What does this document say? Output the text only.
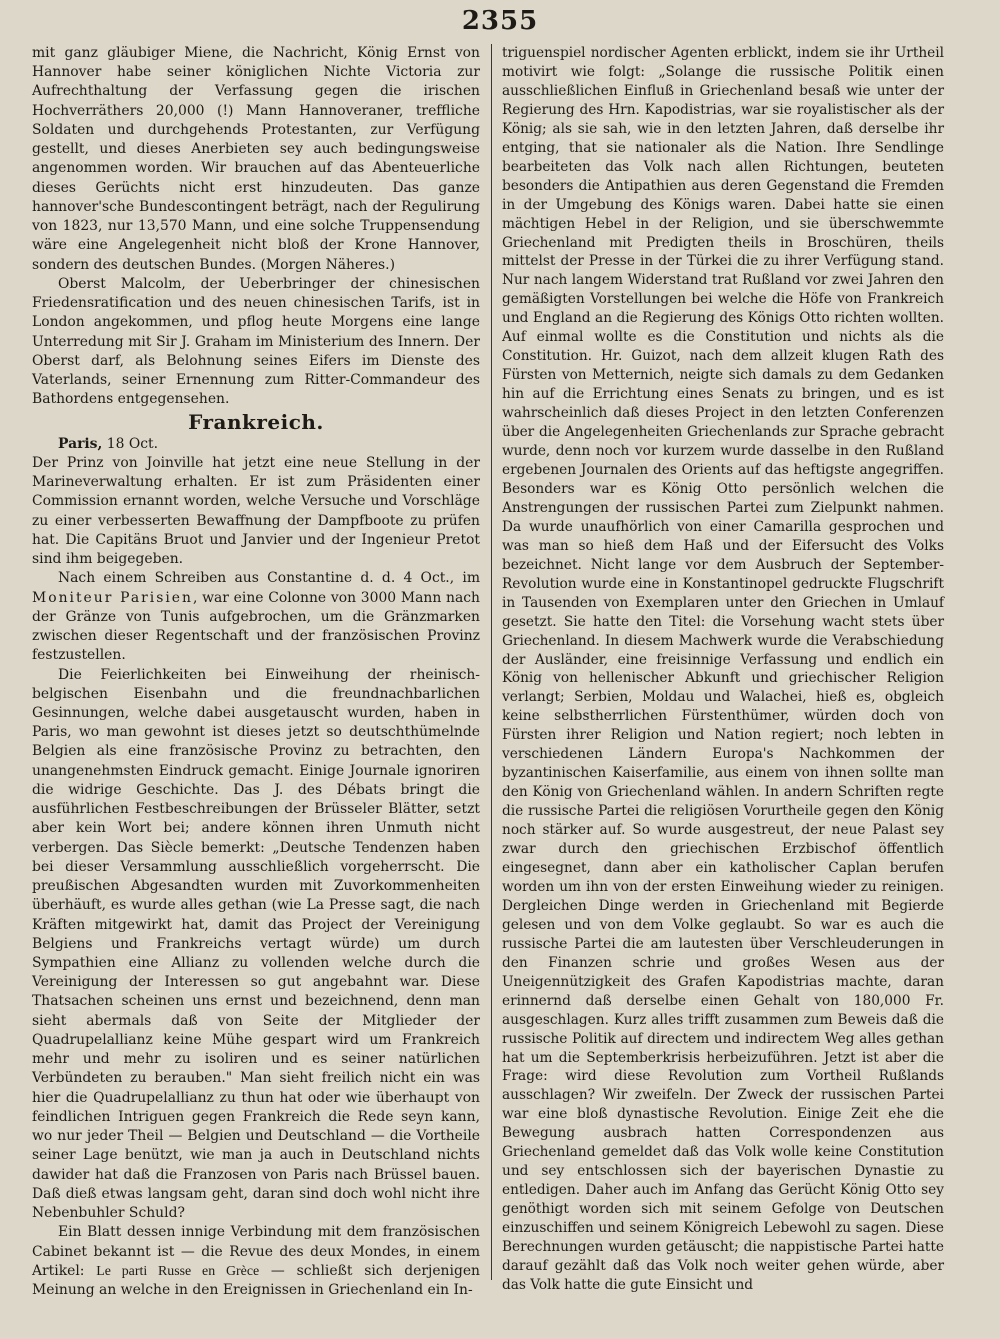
2355

mit ganz gläubiger Miene, die Nachricht, König Ernst von Hannover habe seiner königlichen Nichte Victoria zur Aufrechthaltung der Verfassung gegen die irischen Hochverräthers 20,000 (!) Mann Hannoveraner, treffliche Soldaten und durchgehends Protestanten, zur Verfügung gestellt, und dieses Anerbieten sey auch bedingungsweise angenommen worden. Wir brauchen auf das Abenteuerliche dieses Gerüchts nicht erst hinzudeuten. Das ganze hannover'sche Bundescontingent beträgt, nach der Regulirung von 1823, nur 13,570 Mann, und eine solche Truppensendung wäre eine Angelegenheit nicht bloß der Krone Hannover, sondern des deutschen Bundes. (Morgen Näheres.)

Oberst Malcolm, der Ueberbringer der chinesischen Friedensratification und des neuen chinesischen Tarifs, ist in London angekommen, und pflog heute Morgens eine lange Unterredung mit Sir J. Graham im Ministerium des Innern. Der Oberst darf, als Belohnung seines Eifers im Dienste des Vaterlands, seiner Ernennung zum Ritter-Commandeur des Bathordens entgegensehen.

Frankreich.

Paris, 18 Oct.
Der Prinz von Joinville hat jetzt eine neue Stellung in der Marineverwaltung erhalten. Er ist zum Präsidenten einer Commission ernannt worden, welche Versuche und Vorschläge zu einer verbesserten Bewaffnung der Dampfboote zu prüfen hat. Die Capitäns Bruot und Janvier und der Ingenieur Pretot sind ihm beigegeben.

Nach einem Schreiben aus Constantine d. d. 4 Oct., im Moniteur Parisien, war eine Colonne von 3000 Mann nach der Gränze von Tunis aufgebrochen, um die Gränzmarken zwischen dieser Regentschaft und der französischen Provinz festzustellen.

Die Feierlichkeiten bei Einweihung der rheinisch-belgischen Eisenbahn und die freundnachbarlichen Gesinnungen, welche dabei ausgetauscht wurden, haben in Paris, wo man gewohnt ist dieses jetzt so deutschthümelnde Belgien als eine französische Provinz zu betrachten, den unangenehmsten Eindruck gemacht. Einige Journale ignoriren die widrige Geschichte. Das J. des Débats bringt die ausführlichen Festbeschreibungen der Brüsseler Blätter, setzt aber kein Wort bei; andere können ihren Unmuth nicht verbergen. Das Siècle bemerkt: „Deutsche Tendenzen haben bei dieser Versammlung ausschließlich vorgeherrscht. Die preußischen Abgesandten wurden mit Zuvorkommenheiten überhäuft, es wurde alles gethan (wie La Presse sagt, die nach Kräften mitgewirkt hat, damit das Project der Vereinigung Belgiens und Frankreichs vertagt würde) um durch Sympathien eine Allianz zu vollenden welche durch die Vereinigung der Interessen so gut angebahnt war. Diese Thatsachen scheinen uns ernst und bezeichnend, denn man sieht abermals daß von Seite der Mitglieder der Quadrupelallianz keine Mühe gespart wird um Frankreich mehr und mehr zu isoliren und es seiner natürlichen Verbündeten zu berauben." Man sieht freilich nicht ein was hier die Quadrupelallianz zu thun hat oder wie überhaupt von feindlichen Intriguen gegen Frankreich die Rede seyn kann, wo nur jeder Theil — Belgien und Deutschland — die Vortheile seiner Lage benützt, wie man ja auch in Deutschland nichts dawider hat daß die Franzosen von Paris nach Brüssel bauen. Daß dieß etwas langsam geht, daran sind doch wohl nicht ihre Nebenbuhler Schuld?

Ein Blatt dessen innige Verbindung mit dem französischen Cabinet bekannt ist — die Revue des deux Mondes, in einem Artikel: Le parti Russe en Grèce — schließt sich derjenigen Meinung an welche in den Ereignissen in Griechenland ein In-

triguenspiel nordischer Agenten erblickt, indem sie ihr Urtheil motivirt wie folgt: „Solange die russische Politik einen ausschließlichen Einfluß in Griechenland besaß wie unter der Regierung des Hrn. Kapodistrias, war sie royalistischer als der König; als sie sah, wie in den letzten Jahren, daß derselbe ihr entging, that sie nationaler als die Nation. Ihre Sendlinge bearbeiteten das Volk nach allen Richtungen, beuteten besonders die Antipathien aus deren Gegenstand die Fremden in der Umgebung des Königs waren. Dabei hatte sie einen mächtigen Hebel in der Religion, und sie überschwemmte Griechenland mit Predigten theils in Broschüren, theils mittelst der Presse in der Türkei die zu ihrer Verfügung stand. Nur nach langem Widerstand trat Rußland vor zwei Jahren den gemäßigten Vorstellungen bei welche die Höfe von Frankreich und England an die Regierung des Königs Otto richten wollten. Auf einmal wollte es die Constitution und nichts als die Constitution. Hr. Guizot, nach dem allzeit klugen Rath des Fürsten von Metternich, neigte sich damals zu dem Gedanken hin auf die Errichtung eines Senats zu bringen, und es ist wahrscheinlich daß dieses Project in den letzten Conferenzen über die Angelegenheiten Griechenlands zur Sprache gebracht wurde, denn noch vor kurzem wurde dasselbe in den Rußland ergebenen Journalen des Orients auf das heftigste angegriffen. Besonders war es König Otto persönlich welchen die Anstrengungen der russischen Partei zum Zielpunkt nahmen. Da wurde unaufhörlich von einer Camarilla gesprochen und was man so hieß dem Haß und der Eifersucht des Volks bezeichnet. Nicht lange vor dem Ausbruch der September-Revolution wurde eine in Konstantinopel gedruckte Flugschrift in Tausenden von Exemplaren unter den Griechen in Umlauf gesetzt. Sie hatte den Titel: die Vorsehung wacht stets über Griechenland. In diesem Machwerk wurde die Verabschiedung der Ausländer, eine freisinnige Verfassung und endlich ein König von hellenischer Abkunft und griechischer Religion verlangt; Serbien, Moldau und Walachei, hieß es, obgleich keine selbstherrlichen Fürstenthümer, würden doch von Fürsten ihrer Religion und Nation regiert; noch lebten in verschiedenen Ländern Europa's Nachkommen der byzantinischen Kaiserfamilie, aus einem von ihnen sollte man den König von Griechenland wählen. In andern Schriften regte die russische Partei die religiösen Vorurtheile gegen den König noch stärker auf. So wurde ausgestreut, der neue Palast sey zwar durch den griechischen Erzbischof öffentlich eingesegnet, dann aber ein katholischer Caplan berufen worden um ihn von der ersten Einweihung wieder zu reinigen. Dergleichen Dinge werden in Griechenland mit Begierde gelesen und von dem Volke geglaubt. So war es auch die russische Partei die am lautesten über Verschleuderungen in den Finanzen schrie und großes Wesen aus der Uneigennützigkeit des Grafen Kapodistrias machte, daran erinnernd daß derselbe einen Gehalt von 180,000 Fr. ausgeschlagen. Kurz alles trifft zusammen zum Beweis daß die russische Politik auf directem und indirectem Weg alles gethan hat um die Septemberkrisis herbeizuführen. Jetzt ist aber die Frage: wird diese Revolution zum Vortheil Rußlands ausschlagen? Wir zweifeln. Der Zweck der russischen Partei war eine bloß dynastische Revolution. Einige Zeit ehe die Bewegung ausbrach hatten Correspondenzen aus Griechenland gemeldet daß das Volk wolle keine Constitution und sey entschlossen sich der bayerischen Dynastie zu entledigen. Daher auch im Anfang das Gerücht König Otto sey genöthigt worden sich mit seinem Gefolge von Deutschen einzuschiffen und seinem Königreich Lebewohl zu sagen. Diese Berechnungen wurden getäuscht; die nappistische Partei hatte darauf gezählt daß das Volk noch weiter gehen würde, aber das Volk hatte die gute Einsicht und
